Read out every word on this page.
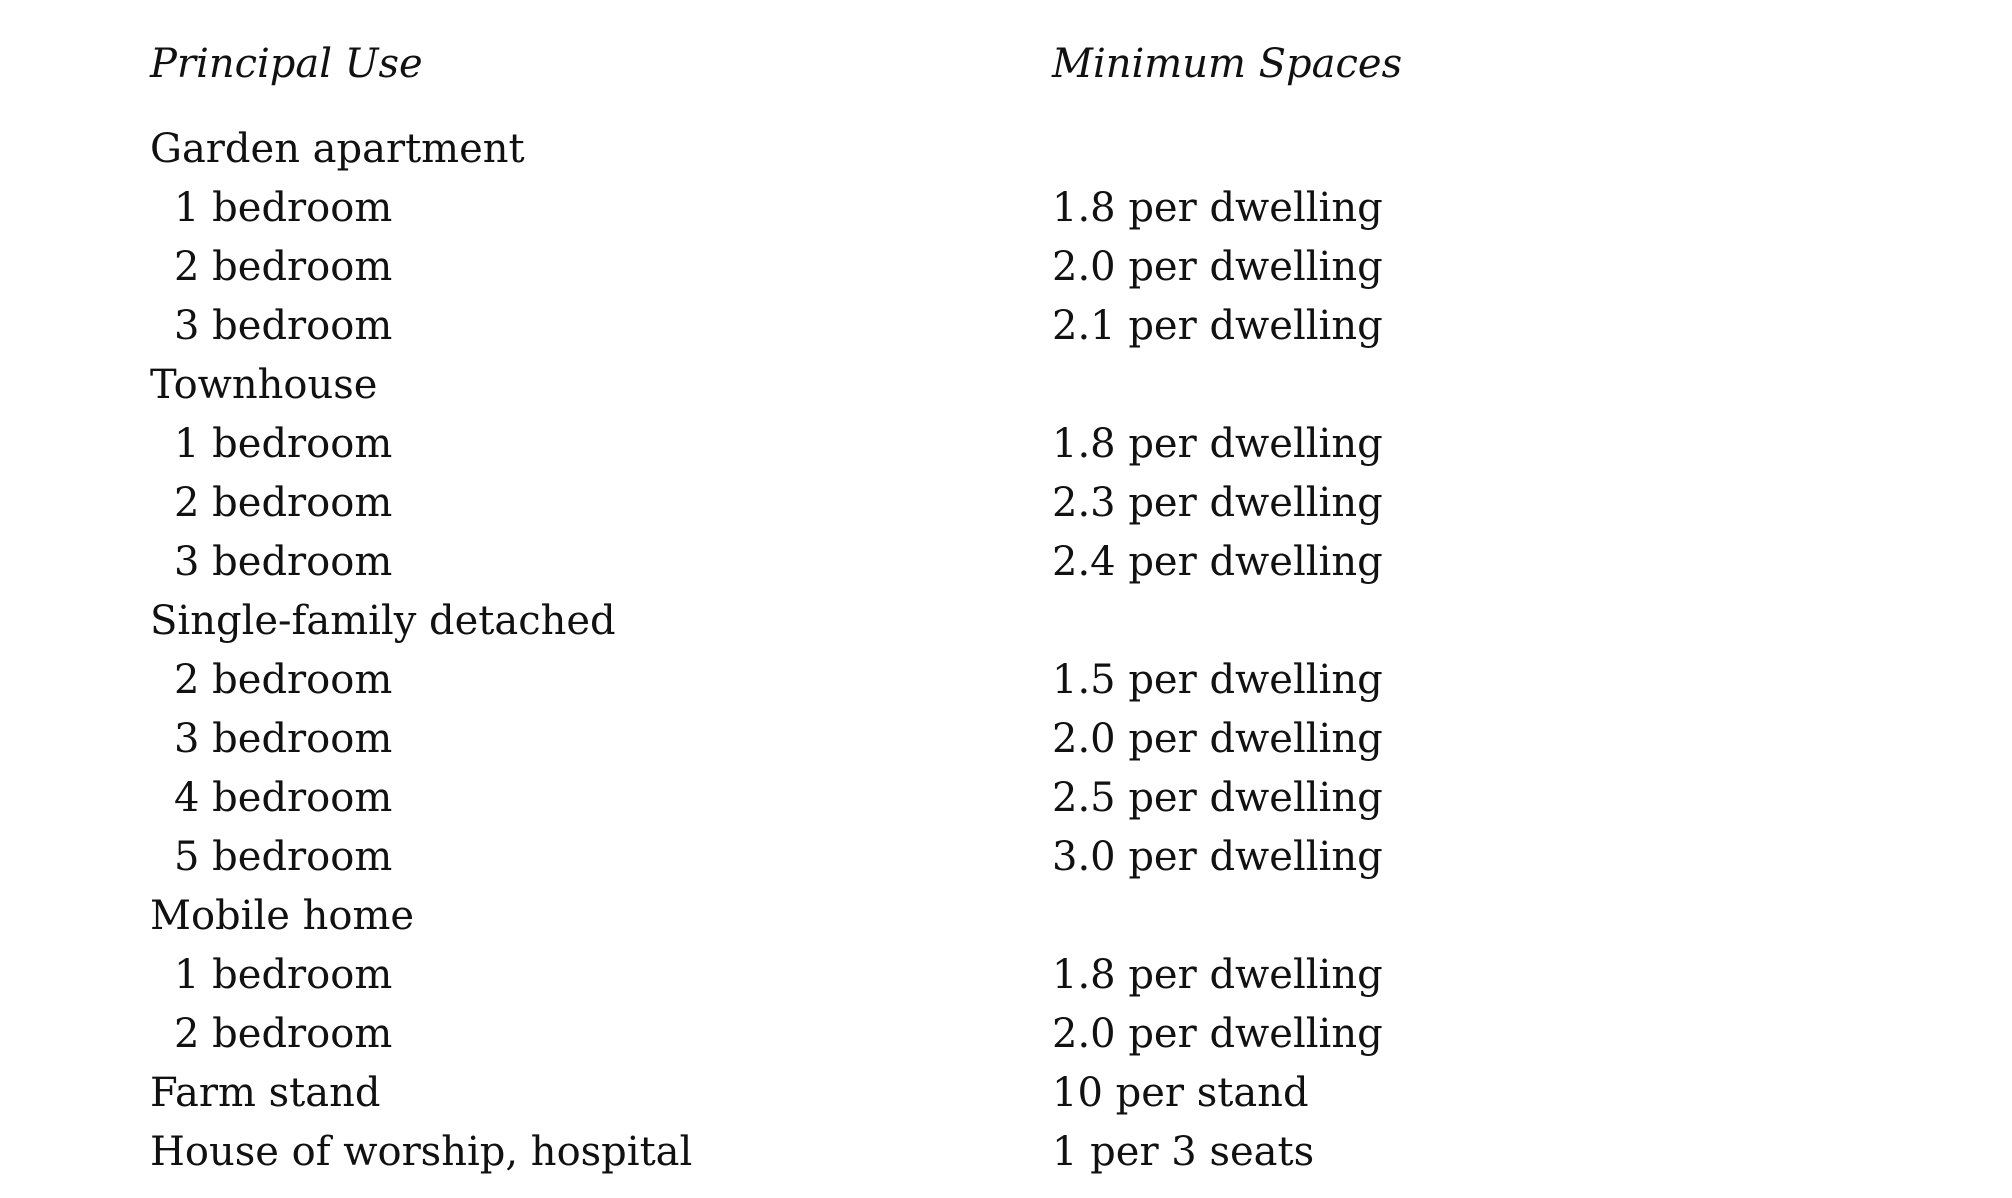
Principal Use	Minimum Spaces
Garden apartment
1 bedroom	1.8 per dwelling
2 bedroom	2.0 per dwelling
3 bedroom	2.1 per dwelling
Townhouse
1 bedroom	1.8 per dwelling
2 bedroom	2.3 per dwelling
3 bedroom	2.4 per dwelling
Single-family detached
2 bedroom	1.5 per dwelling
3 bedroom	2.0 per dwelling
4 bedroom	2.5 per dwelling
5 bedroom	3.0 per dwelling
Mobile home
1 bedroom	1.8 per dwelling
2 bedroom	2.0 per dwelling
Farm stand	10 per stand
House of worship, hospital	1 per 3 seats
